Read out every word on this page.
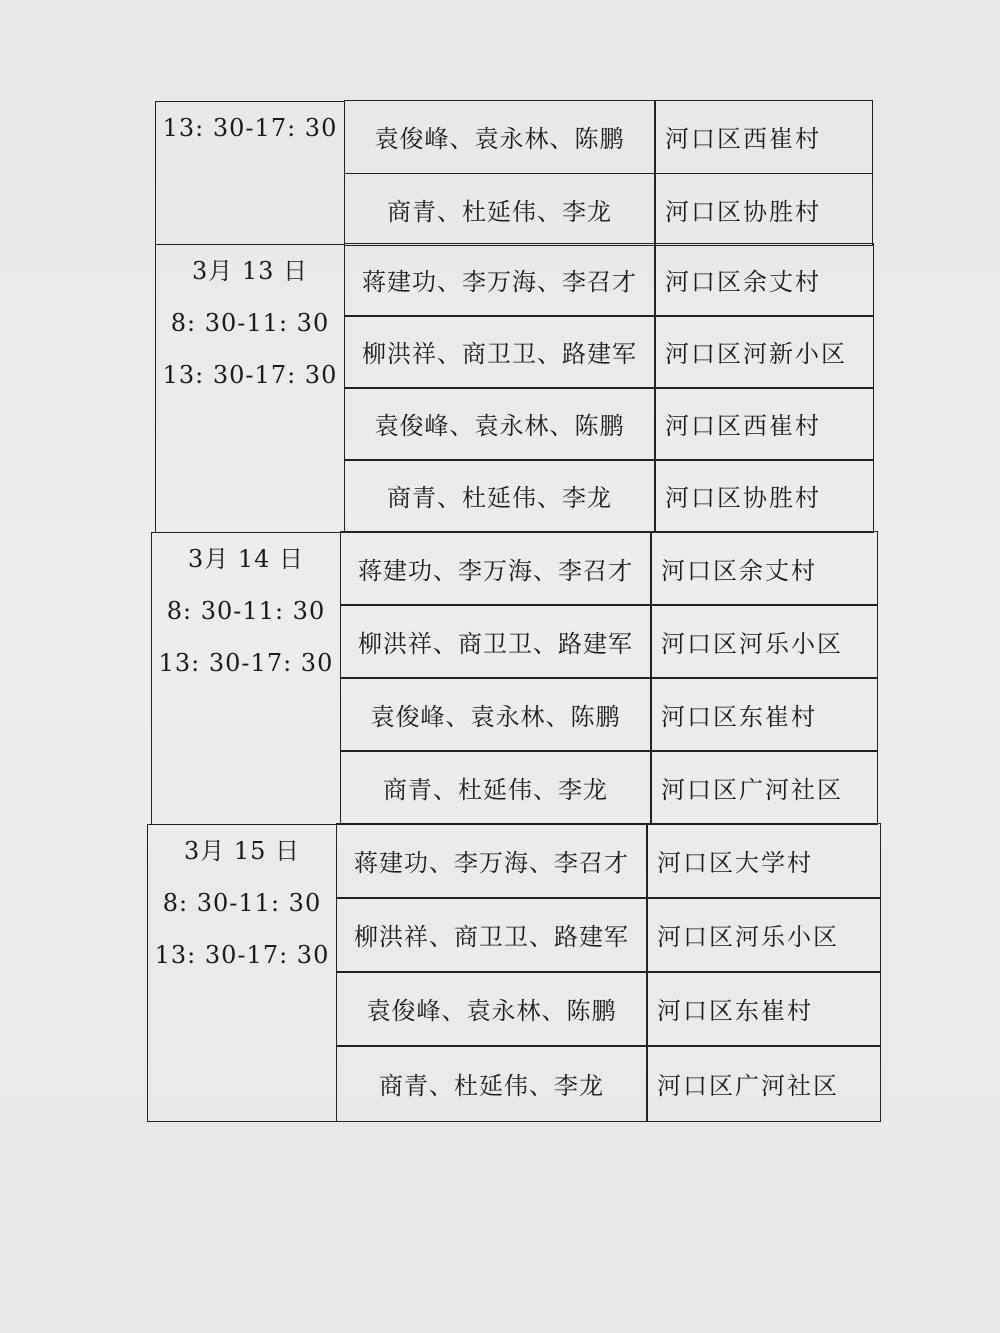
13: 30-17: 30	袁俊峰、袁永林、陈鹏	河口区西崔村
商青、杜延伟、李龙	河口区协胜村
3月 13 日
8: 30-11: 30
13: 30-17: 30
蒋建功、李万海、李召才	河口区余丈村
柳洪祥、商卫卫、路建军	河口区河新小区
袁俊峰、袁永林、陈鹏	河口区西崔村
商青、杜延伟、李龙	河口区协胜村
3月 14 日
8: 30-11: 30
13: 30-17: 30
蒋建功、李万海、李召才	河口区余丈村
柳洪祥、商卫卫、路建军	河口区河乐小区
袁俊峰、袁永林、陈鹏	河口区东崔村
商青、杜延伟、李龙	河口区广河社区
3月 15 日
8: 30-11: 30
13: 30-17: 30
蒋建功、李万海、李召才	河口区大学村
柳洪祥、商卫卫、路建军	河口区河乐小区
袁俊峰、袁永林、陈鹏	河口区东崔村
商青、杜延伟、李龙	河口区广河社区
